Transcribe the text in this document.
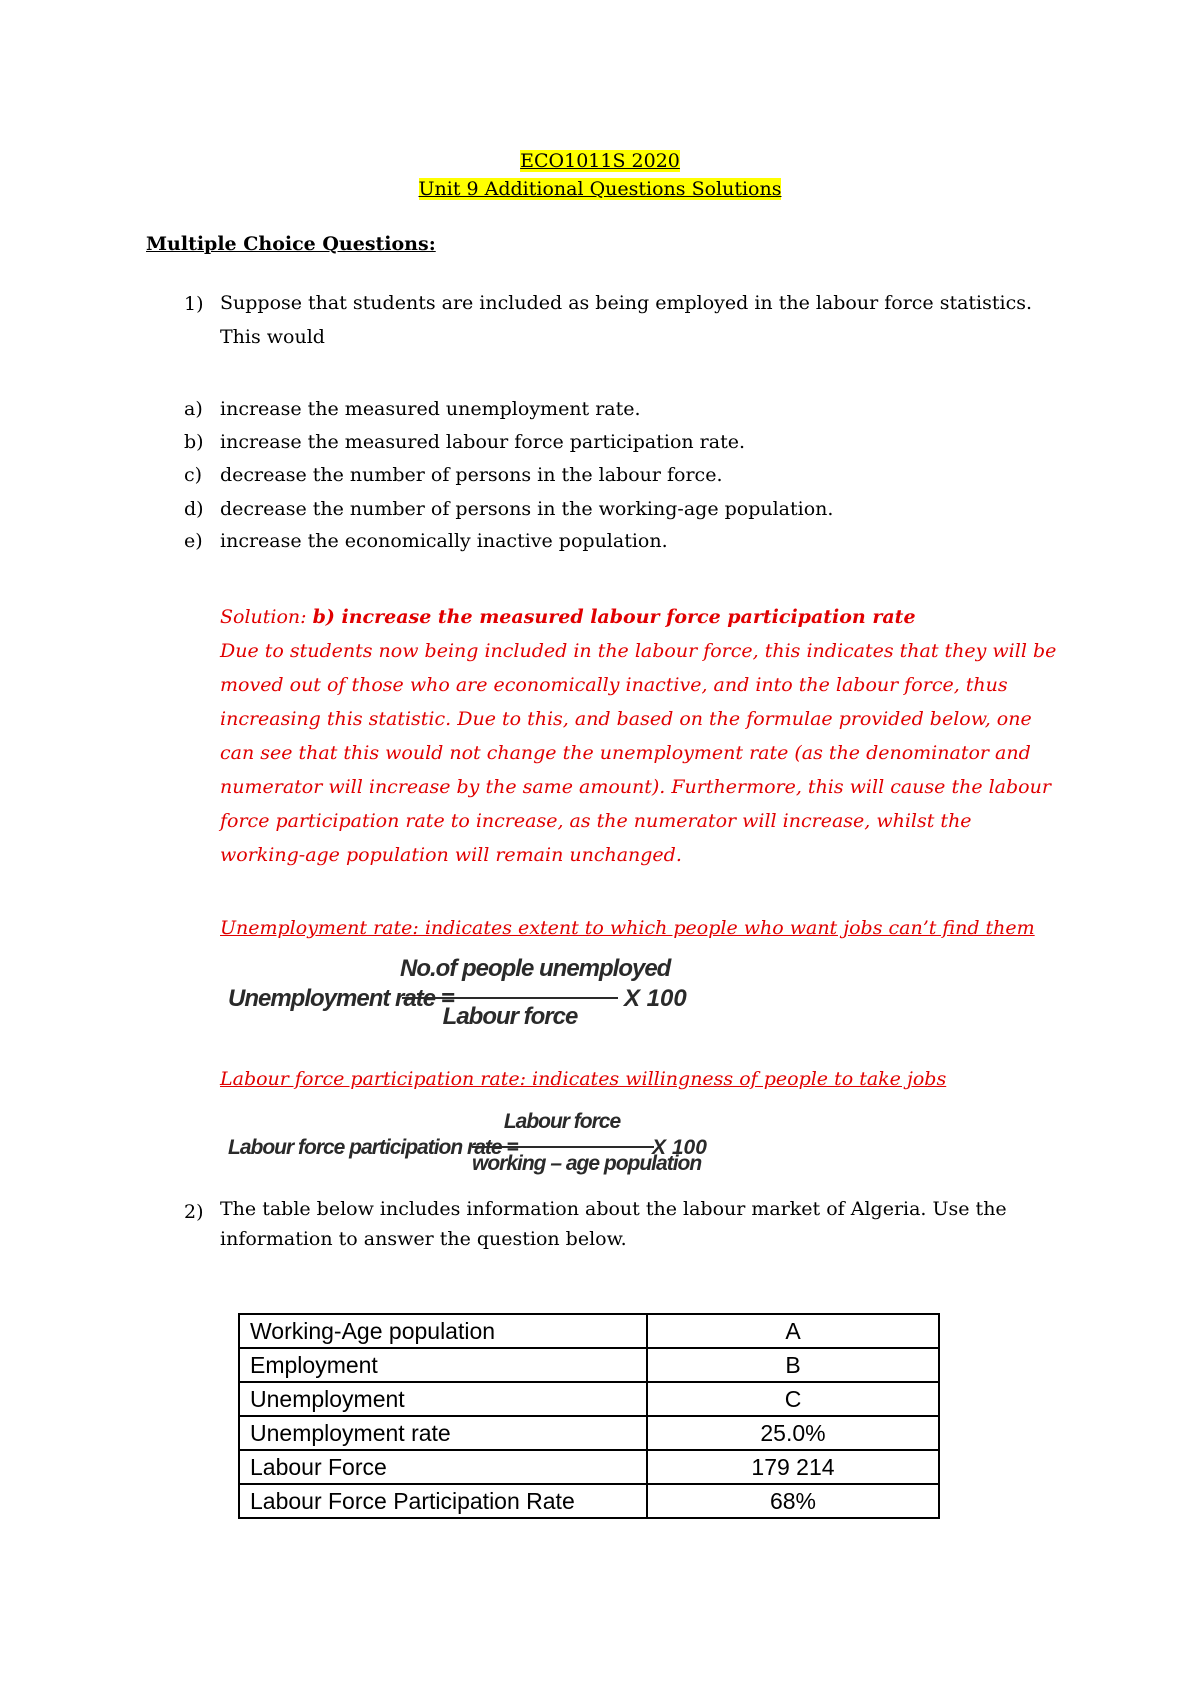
ECO1011S 2020
Unit 9 Additional Questions Solutions
Multiple Choice Questions:
1) Suppose that students are included as being employed in the labour force statistics.
This would
a) increase the measured unemployment rate.
b) increase the measured labour force participation rate.
c) decrease the number of persons in the labour force.
d) decrease the number of persons in the working-age population.
e) increase the economically inactive population.
Solution: b) increase the measured labour force participation rate
Due to students now being included in the labour force, this indicates that they will be
moved out of those who are economically inactive, and into the labour force, thus
increasing this statistic. Due to this, and based on the formulae provided below, one
can see that this would not change the unemployment rate (as the denominator and
numerator will increase by the same amount). Furthermore, this will cause the labour
force participation rate to increase, as the numerator will increase, whilst the
working-age population will remain unchanged.
Unemployment rate: indicates extent to which people who want jobs can’t find them
Unemployment rate =
No.of people unemployed
Labour force
X 100
Labour force participation rate: indicates willingness of people to take jobs
Labour force participation rate =
Labour force
working – age population
X 100
2) The table below includes information about the labour market of Algeria. Use the
information to answer the question below.
Working-Age population	A
Employment	B
Unemployment	C
Unemployment rate	25.0%
Labour Force	179 214
Labour Force Participation Rate	68%
